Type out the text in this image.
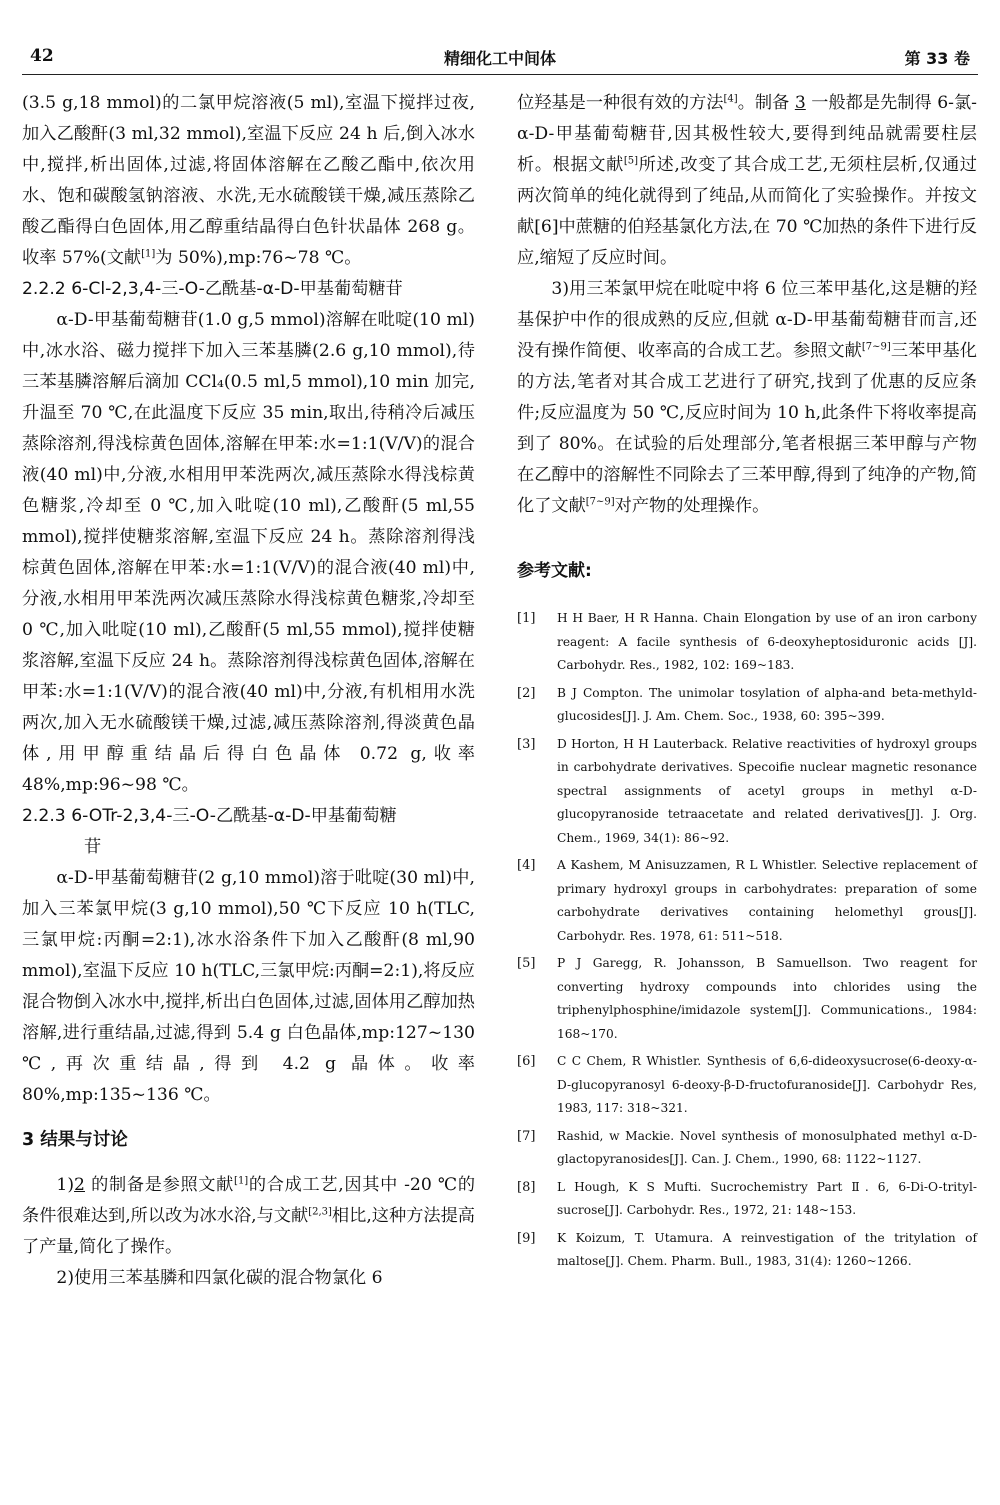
42	精细化工中间体	第 33 卷

(3.5 g,18 mmol)的二氯甲烷溶液(5 ml),室温下搅拌过夜,加入乙酸酐(3 ml,32 mmol),室温下反应 24 h 后,倒入冰水中,搅拌,析出固体,过滤,将固体溶解在乙酸乙酯中,依次用水、饱和碳酸氢钠溶液、水洗,无水硫酸镁干燥,减压蒸除乙酸乙酯得白色固体,用乙醇重结晶得白色针状晶体 268 g。收率 57%(文献[1]为 50%),mp:76~78 ℃。

2.2.2 6-Cl-2,3,4-三-O-乙酰基-α-D-甲基葡萄糖苷

α-D-甲基葡萄糖苷(1.0 g,5 mmol)溶解在吡啶(10 ml)中,冰水浴、磁力搅拌下加入三苯基膦(2.6 g,10 mmol),待三苯基膦溶解后滴加 CCl₄(0.5 ml,5 mmol),10 min 加完,升温至 70 ℃,在此温度下反应 35 min,取出,待稍冷后减压蒸除溶剂,得浅棕黄色固体,溶解在甲苯:水=1:1(V/V)的混合液(40 ml)中,分液,水相用甲苯洗两次,减压蒸除水得浅棕黄色糖浆,冷却至 0 ℃,加入吡啶(10 ml),乙酸酐(5 ml,55 mmol),搅拌使糖浆溶解,室温下反应 24 h。蒸除溶剂得浅棕黄色固体,溶解在甲苯:水=1:1(V/V)的混合液(40 ml)中,分液,水相用甲苯洗两次减压蒸除水得浅棕黄色糖浆,冷却至 0 ℃,加入吡啶(10 ml),乙酸酐(5 ml,55 mmol),搅拌使糖浆溶解,室温下反应 24 h。蒸除溶剂得浅棕黄色固体,溶解在甲苯:水=1:1(V/V)的混合液(40 ml)中,分液,有机相用水洗两次,加入无水硫酸镁干燥,过滤,减压蒸除溶剂,得淡黄色晶体,用甲醇重结晶后得白色晶体 0.72 g,收率 48%,mp:96~98 ℃。

2.2.3 6-OTr-2,3,4-三-O-乙酰基-α-D-甲基葡萄糖

苷

α-D-甲基葡萄糖苷(2 g,10 mmol)溶于吡啶(30 ml)中,加入三苯氯甲烷(3 g,10 mmol),50 ℃下反应 10 h(TLC,三氯甲烷:丙酮=2:1),冰水浴条件下加入乙酸酐(8 ml,90 mmol),室温下反应 10 h(TLC,三氯甲烷:丙酮=2:1),将反应混合物倒入冰水中,搅拌,析出白色固体,过滤,固体用乙醇加热溶解,进行重结晶,过滤,得到 5.4 g 白色晶体,mp:127~130 ℃,再次重结晶,得到 4.2 g 晶体。收率 80%,mp:135~136 ℃。

3 结果与讨论

1)2 的制备是参照文献[1]的合成工艺,因其中 -20 ℃的条件很难达到,所以改为冰水浴,与文献[2,3]相比,这种方法提高了产量,简化了操作。

2)使用三苯基膦和四氯化碳的混合物氯化 6

位羟基是一种很有效的方法[4]。制备 3 一般都是先制得 6-氯-α-D-甲基葡萄糖苷,因其极性较大,要得到纯品就需要柱层析。根据文献[5]所述,改变了其合成工艺,无须柱层析,仅通过两次简单的纯化就得到了纯品,从而简化了实验操作。并按文献[6]中蔗糖的伯羟基氯化方法,在 70 ℃加热的条件下进行反应,缩短了反应时间。

3)用三苯氯甲烷在吡啶中将 6 位三苯甲基化,这是糖的羟基保护中作的很成熟的反应,但就 α-D-甲基葡萄糖苷而言,还没有操作简便、收率高的合成工艺。参照文献[7~9]三苯甲基化的方法,笔者对其合成工艺进行了研究,找到了优惠的反应条件;反应温度为 50 ℃,反应时间为 10 h,此条件下将收率提高到了 80%。在试验的后处理部分,笔者根据三苯甲醇与产物在乙醇中的溶解性不同除去了三苯甲醇,得到了纯净的产物,简化了文献[7~9]对产物的处理操作。

参考文献:
[1]	H H Baer, H R Hanna. Chain Elongation by use of an iron carbony reagent: A facile synthesis of 6-deoxyheptosiduronic acids [J]. Carbohydr. Res., 1982, 102: 169~183.
[2]	B J Compton. The unimolar tosylation of alpha-and beta-methyld-glucosides[J]. J. Am. Chem. Soc., 1938, 60: 395~399.
[3]	D Horton, H H Lauterback. Relative reactivities of hydroxyl groups in carbohydrate derivatives. Specoifie nuclear magnetic resonance spectral assignments of acetyl groups in methyl α-D-glucopyranoside tetraacetate and related derivatives[J]. J. Org. Chem., 1969, 34(1): 86~92.
[4]	A Kashem, M Anisuzzamen, R L Whistler. Selective replacement of primary hydroxyl groups in carbohydrates: preparation of some carbohydrate derivatives containing helomethyl grous[J]. Carbohydr. Res. 1978, 61: 511~518.
[5]	P J Garegg, R. Johansson, B Samuellson. Two reagent for converting hydroxy compounds into chlorides using the triphenylphosphine/imidazole system[J]. Communications., 1984: 168~170.
[6]	C C Chem, R Whistler. Synthesis of 6,6-dideoxysucrose(6-deoxy-α-D-glucopyranosyl 6-deoxy-β-D-fructofuranoside[J]. Carbohydr Res, 1983, 117: 318~321.
[7]	Rashid, w Mackie. Novel synthesis of monosulphated methyl α-D-glactopyranosides[J]. Can. J. Chem., 1990, 68: 1122~1127.
[8]	L Hough, K S Mufti. Sucrochemistry Part Ⅱ. 6, 6-Di-O-trityl-sucrose[J]. Carbohydr. Res., 1972, 21: 148~153.
[9]	K Koizum, T. Utamura. A reinvestigation of the tritylation of maltose[J]. Chem. Pharm. Bull., 1983, 31(4): 1260~1266.
